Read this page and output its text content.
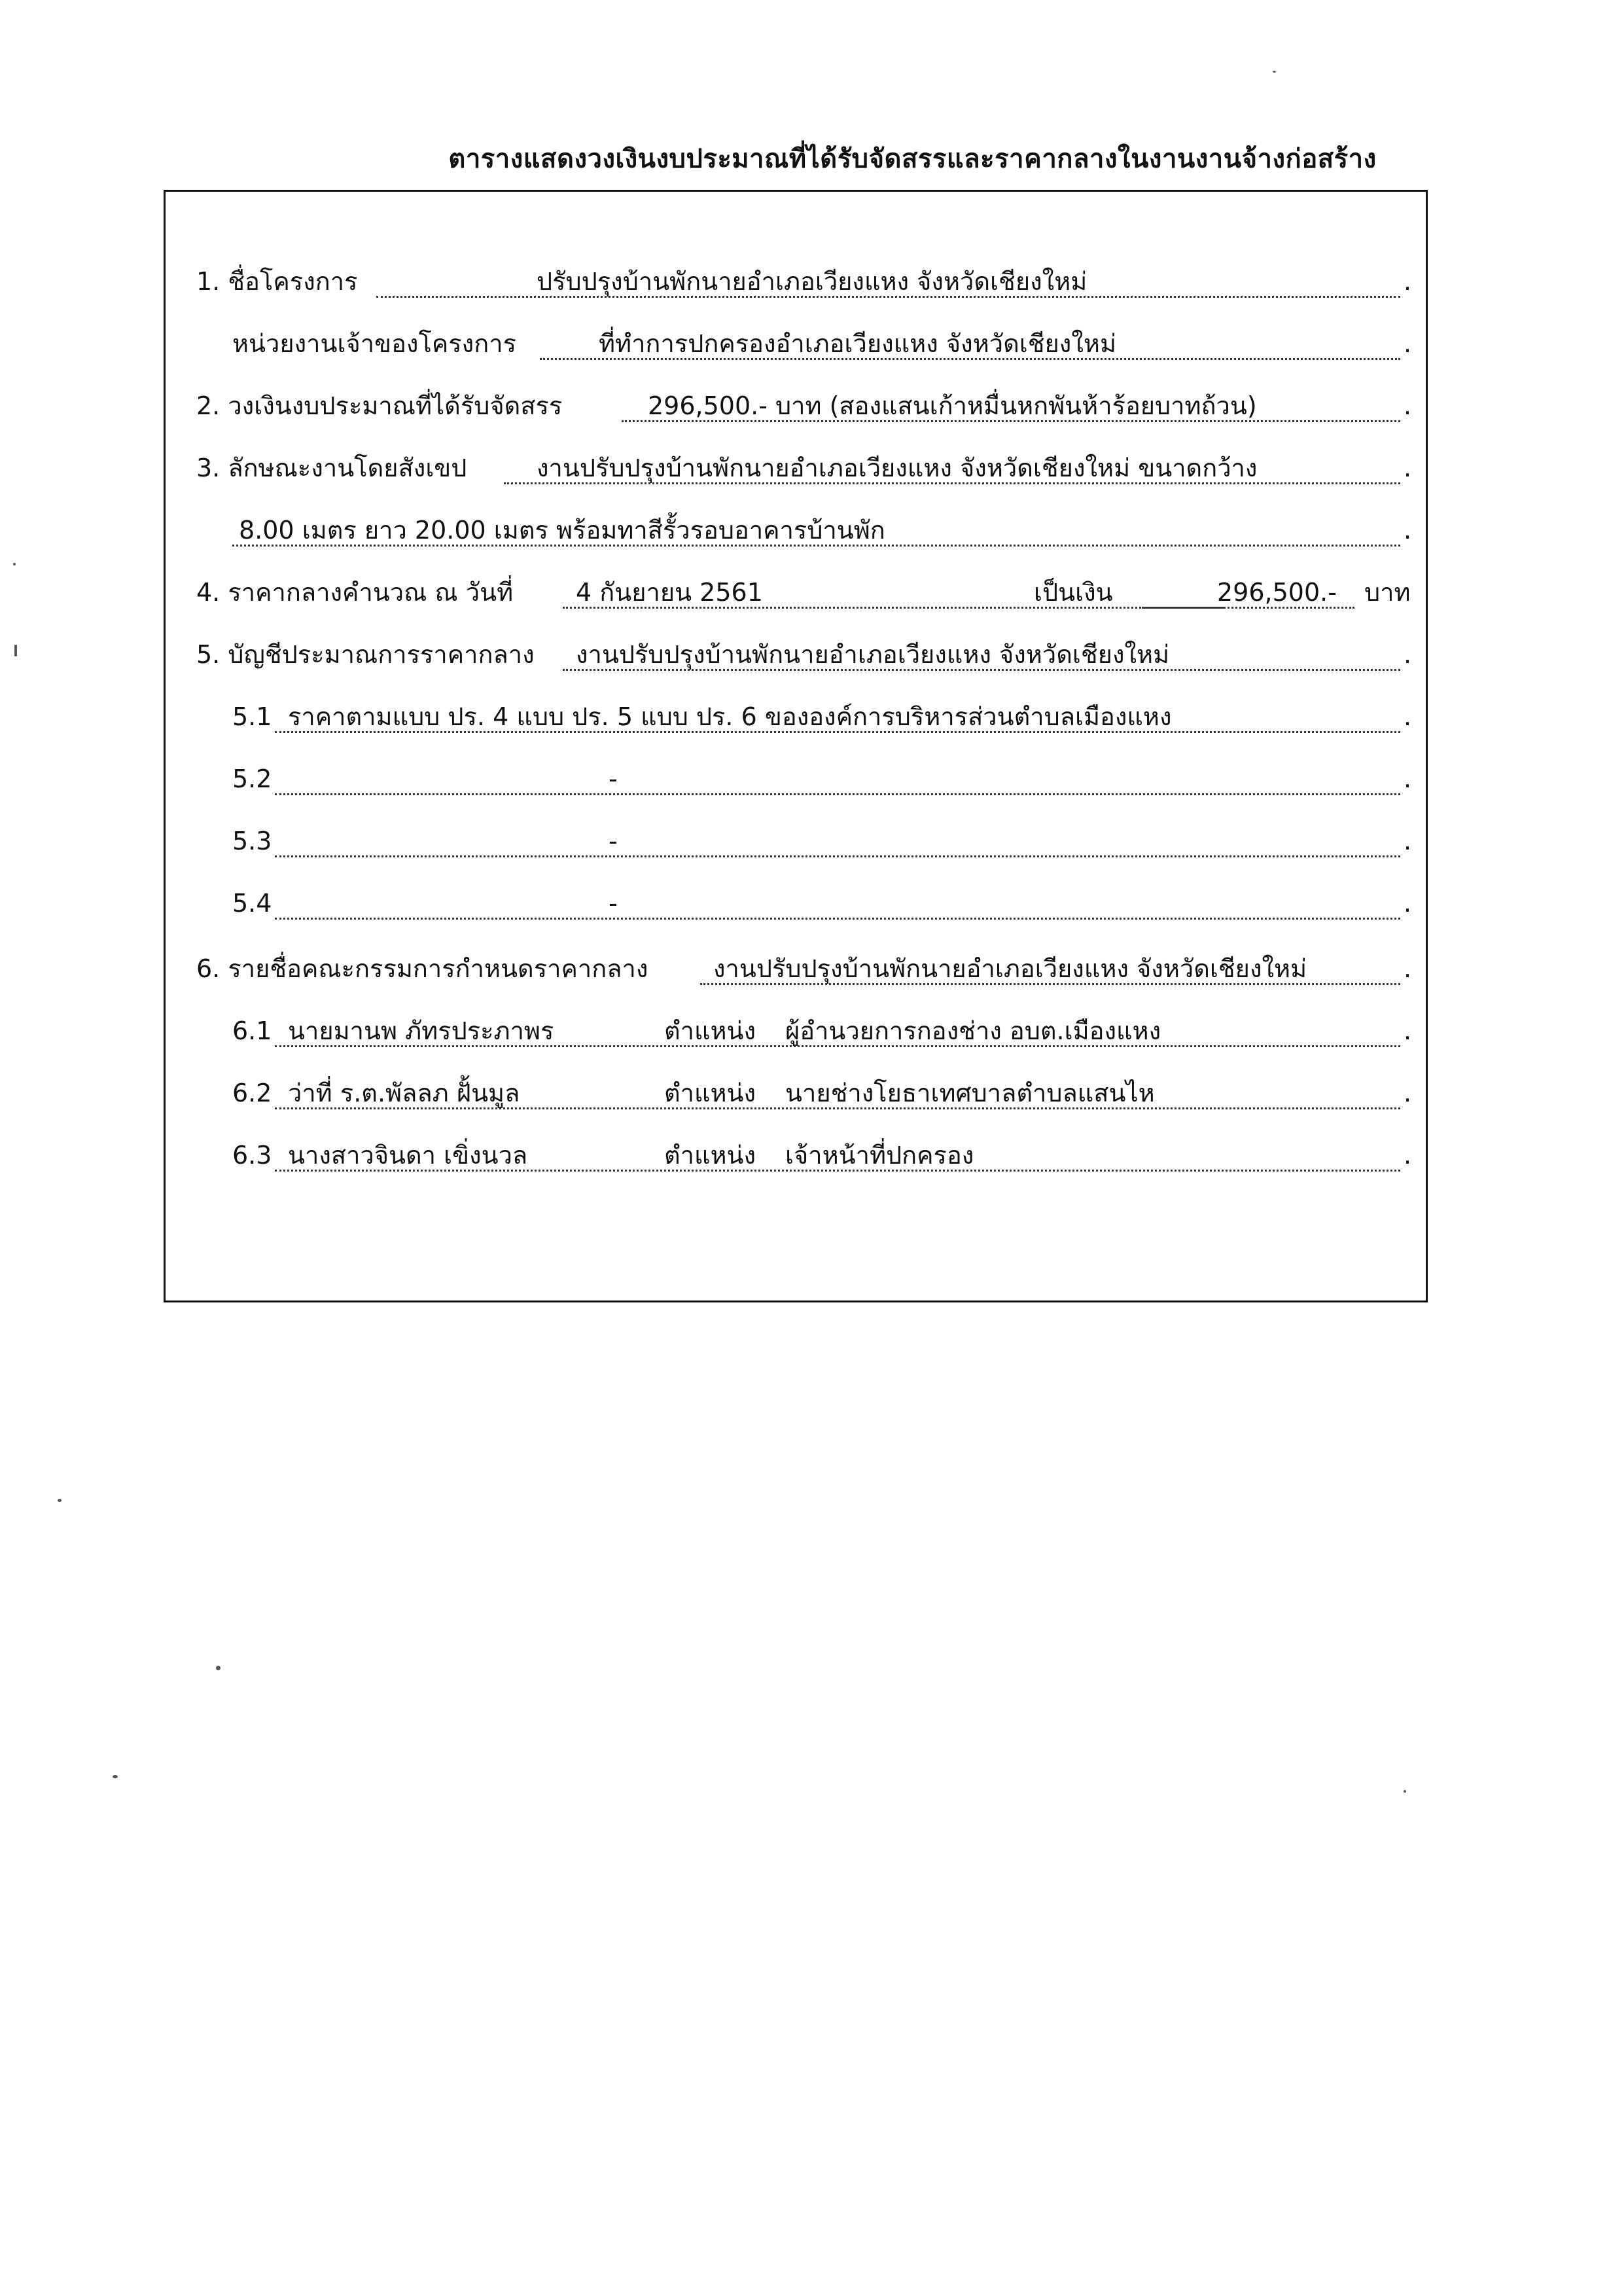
ตารางแสดงวงเงินงบประมาณที่ได้รับจัดสรรและราคากลางในงานงานจ้างก่อสร้าง
1. ชื่อโครงการ	ปรับปรุงบ้านพักนายอำเภอเวียงแหง จังหวัดเชียงใหม่	.
หน่วยงานเจ้าของโครงการ	ที่ทำการปกครองอำเภอเวียงแหง จังหวัดเชียงใหม่	.
2. วงเงินงบประมาณที่ได้รับจัดสรร	296,500.- บาท (สองแสนเก้าหมื่นหกพันห้าร้อยบาทถ้วน)	.
3. ลักษณะงานโดยสังเขป	งานปรับปรุงบ้านพักนายอำเภอเวียงแหง จังหวัดเชียงใหม่ ขนาดกว้าง	.
8.00 เมตร ยาว 20.00 เมตร พร้อมทาสีรั้วรอบอาคารบ้านพัก	.
4. ราคากลางคำนวณ ณ วันที่	4 กันยายน 2561	เป็นเงิน	296,500.- บาท
5. บัญชีประมาณการราคากลาง งานปรับปรุงบ้านพักนายอำเภอเวียงแหง จังหวัดเชียงใหม่	.
5.1 ราคาตามแบบ ปร. 4 แบบ ปร. 5 แบบ ปร. 6 ขององค์การบริหารส่วนตำบลเมืองแหง	.
5.2	-	.
5.3	-	.
5.4	-	.
6. รายชื่อคณะกรรมการกำหนดราคากลาง	งานปรับปรุงบ้านพักนายอำเภอเวียงแหง จังหวัดเชียงใหม่	.
6.1 นายมานพ ภัทรประภาพร	ตำแหน่ง ผู้อำนวยการกองช่าง อบต.เมืองแหง	.
6.2 ว่าที่ ร.ต.พัลลภ ฝั้นมูล	ตำแหน่ง นายช่างโยธาเทศบาลตำบลแสนไห	.
6.3 นางสาวจินดา เขิ่งนวล	ตำแหน่ง เจ้าหน้าที่ปกครอง	.
